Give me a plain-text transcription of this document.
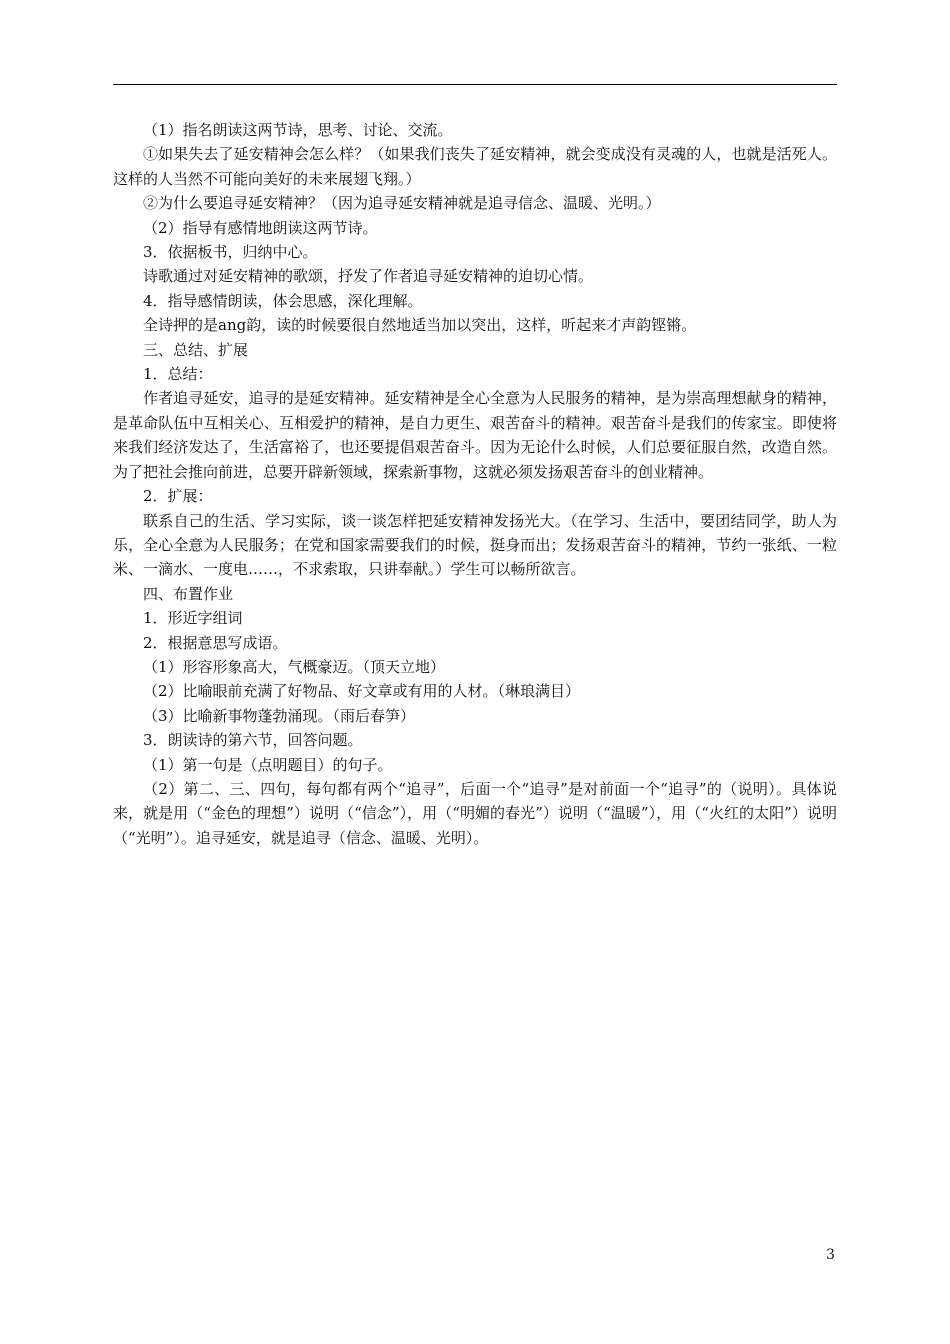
（1）指名朗读这两节诗，思考、讨论、交流。

①如果失去了延安精神会怎么样？（如果我们丧失了延安精神，就会变成没有灵魂的人，也就是活死人。这样的人当然不可能向美好的未来展翅飞翔。）

②为什么要追寻延安精神？（因为追寻延安精神就是追寻信念、温暖、光明。）

（2）指导有感情地朗读这两节诗。

3．依据板书，归纳中心。

诗歌通过对延安精神的歌颂，抒发了作者追寻延安精神的迫切心情。

4．指导感情朗读，体会思感，深化理解。

全诗押的是ang韵，读的时候要很自然地适当加以突出，这样，听起来才声韵铿锵。

三、总结、扩展

1．总结：

作者追寻延安，追寻的是延安精神。延安精神是全心全意为人民服务的精神，是为崇高理想献身的精神，是革命队伍中互相关心、互相爱护的精神，是自力更生、艰苦奋斗的精神。艰苦奋斗是我们的传家宝。即使将来我们经济发达了，生活富裕了，也还要提倡艰苦奋斗。因为无论什么时候，人们总要征服自然，改造自然。为了把社会推向前进，总要开辟新领域，探索新事物，这就必须发扬艰苦奋斗的创业精神。

2．扩展：

联系自己的生活、学习实际，谈一谈怎样把延安精神发扬光大。（在学习、生活中，要团结同学，助人为乐，全心全意为人民服务；在党和国家需要我们的时候，挺身而出；发扬艰苦奋斗的精神，节约一张纸、一粒米、一滴水、一度电……，不求索取，只讲奉献。）学生可以畅所欲言。

四、布置作业

1．形近字组词

2．根据意思写成语。

（1）形容形象高大，气概豪迈。（顶天立地）

（2）比喻眼前充满了好物品、好文章或有用的人材。（琳琅满目）

（3）比喻新事物蓬勃涌现。（雨后春笋）

3．朗读诗的第六节，回答问题。

（1）第一句是（点明题目）的句子。

（2）第二、三、四句，每句都有两个“追寻”，后面一个“追寻”是对前面一个“追寻”的（说明）。具体说来，就是用（“金色的理想”）说明（“信念”），用（“明媚的春光”）说明（“温暖”），用（“火红的太阳”）说明（“光明”）。追寻延安，就是追寻（信念、温暖、光明）。

3
